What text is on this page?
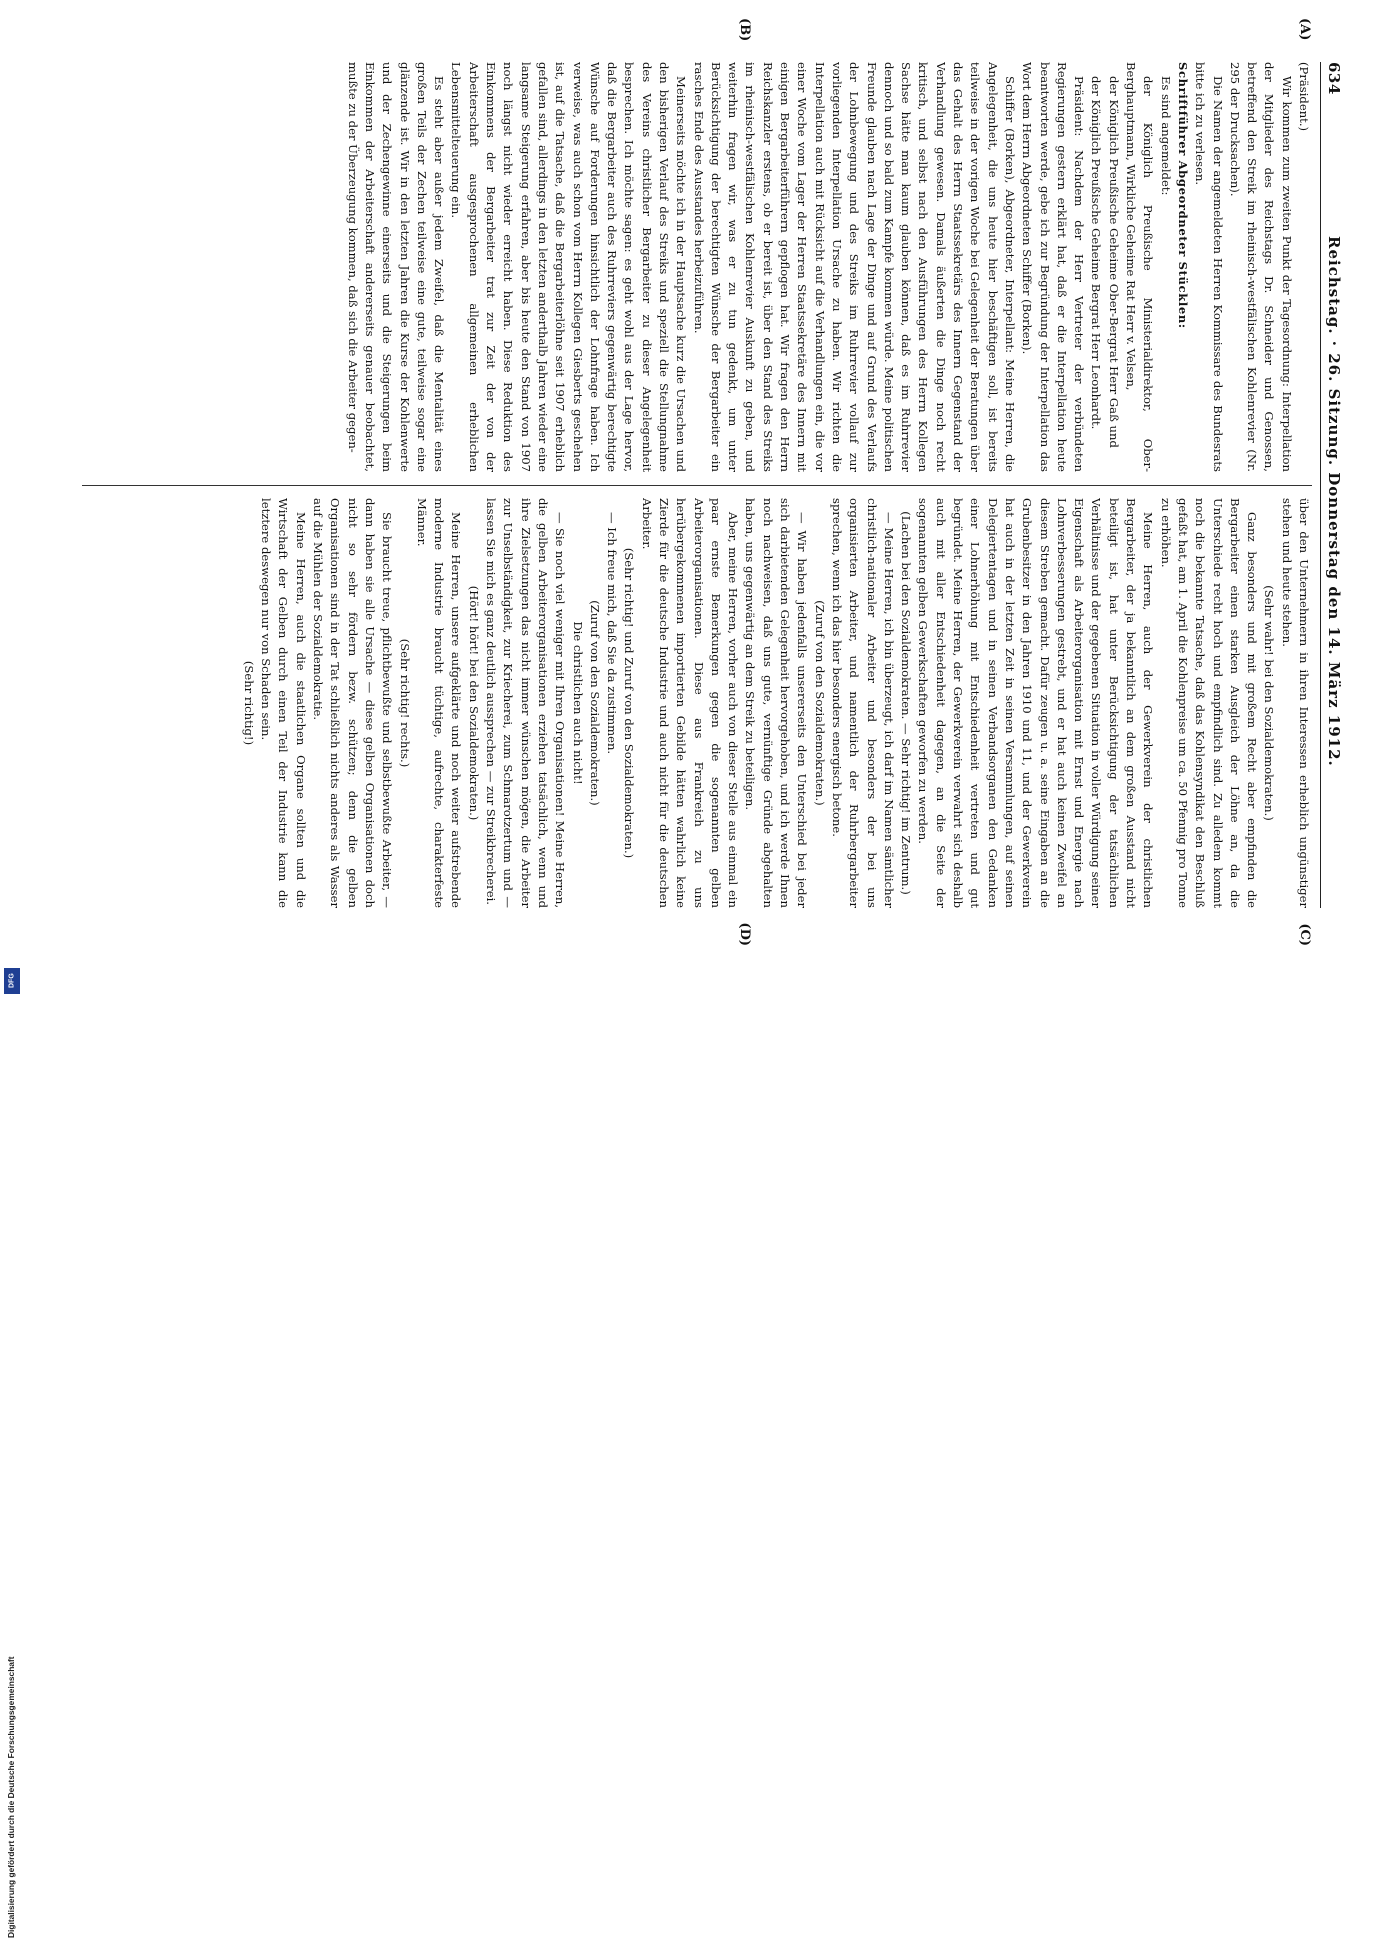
634
Reichstag. · 26. Sitzung. Donnerstag den 14. März 1912.
(A)
(B)
(C)
(D)

(Präsident.)

Wir kommen zum zweiten Punkt der Tagesordnung: Interpellation der Mitglieder des Reichstags Dr. Schneider und Genossen, betreffend den Streik im rheinisch-westfälischen Kohlenrevier (Nr. 295 der Drucksachen).

Die Namen der angemeldeten Herren Kommissare des Bundesrats bitte ich zu verlesen.

Schriftführer Abgeordneter Stücklen:

Es sind angemeldet:

der Königlich Preußische Ministerialdirektor, Ober-Berghauptmann, Wirkliche Geheime Rat Herr v. Velsen,

der Königlich Preußische Geheime Ober-Bergrat Herr Gaß und

der Königlich Preußische Geheime Bergrat Herr Leonhardt.

Präsident: Nachdem der Herr Vertreter der verbündeten Regierungen gestern erklärt hat, daß er die Interpellation heute beantworten werde, gebe ich zur Begründung der Interpellation das Wort dem Herrn Abgeordneten Schiffer (Borken).

Schiffer (Borken), Abgeordneter, Interpellant: Meine Herren, die Angelegenheit, die uns heute hier beschäftigen soll, ist bereits teilweise in der vorigen Woche bei Gelegenheit der Beratungen über das Gehalt des Herrn Staatssekretärs des Innern Gegenstand der Verhandlung gewesen. Damals äußerten die Dinge noch recht kritisch, und selbst nach den Ausführungen des Herrn Kollegen Sachse hätte man kaum glauben können, daß es im Ruhrrevier dennoch und so bald zum Kampfe kommen würde. Meine politischen Freunde glauben nach Lage der Dinge und auf Grund des Verlaufs der Lohnbewegung und des Streiks im Ruhrrevier vollauf zur vorliegenden Interpellation Ursache zu haben. Wir richten die Interpellation auch mit Rücksicht auf die Verhandlungen ein, die vor einer Woche vom Lager der Herren Staatssekretäre des Innern mit einigen Bergarbeiterführern gepflogen hat. Wir fragen den Herrn Reichskanzler erstens, ob er bereit ist, über den Stand des Streiks im rheinisch-westfälischen Kohlenrevier Auskunft zu geben, und weiterhin fragen wir, was er zu tun gedenkt, um unter Berücksichtigung der berechtigten Wünsche der Bergarbeiter ein rasches Ende des Ausstandes herbeizuführen.

Meinerseits möchte ich in der Hauptsache kurz die Ursachen und den bisherigen Verlauf des Streiks und speziell die Stellungnahme des Vereins christlicher Bergarbeiter zu dieser Angelegenheit besprechen. Ich möchte sagen: es geht wohl aus der Lage hervor, daß die Bergarbeiter auch des Ruhrreviers gegenwärtig berechtigte Wünsche auf Forderungen hinsichtlich der Lohnfrage haben. Ich verweise, was auch schon vom Herrn Kollegen Giesberts geschehen ist, auf die Tatsache, daß die Bergarbeiterlöhne seit 1907 erheblich gefallen sind, allerdings in den letzten anderthalb Jahren wieder eine langsame Steigerung erfahren, aber bis heute den Stand von 1907 noch längst nicht wieder erreicht haben. Diese Reduktion des Einkommens der Bergarbeiter trat zur Zeit der von der Arbeiterschaft ausgesprochenen allgemeinen erheblichen Lebensmittelteuerung ein.

Es steht aber außer jedem Zweifel, daß die Mentalität eines großen Teils der Zechen teilweise eine gute, teilweise sogar eine glänzende ist. Wir in den letzten Jahren die Kurse der Kohlenwerte und der Zechengewinne einerseits und die Steigerungen beim Einkommen der Arbeiterschaft andererseits genauer beobachtet, mußte zu der Überzeugung kommen, daß sich die Arbeiter gegen-

über den Unternehmern in ihren Interessen erheblich ungünstiger stehen und heute stehen.

(Sehr wahr! bei den Sozialdemokraten.)

Ganz besonders und mit großem Recht aber empfinden die Bergarbeiter einen starken Ausgleich der Löhne an, da die Unterschiede recht hoch und empfindlich sind. Zu alledem kommt noch die bekannte Tatsache, daß das Kohlensyndikat den Beschluß gefaßt hat, am 1. April die Kohlenpreise um ca. 50 Pfennig pro Tonne zu erhöhen.

Meine Herren, auch der Gewerkverein der christlichen Bergarbeiter, der ja bekanntlich an dem großen Ausstand nicht beteiligt ist, hat unter Berücksichtigung der tatsächlichen Verhältnisse und der gegebenen Situation in voller Würdigung seiner Eigenschaft als Arbeiterorganisation mit Ernst und Energie nach Lohnverbesserungen gestrebt, und er hat auch keinen Zweifel an diesem Streben gemacht. Dafür zeugen u. a. seine Eingaben an die Grubenbesitzer in den Jahren 1910 und 11, und der Gewerkverein hat auch in der letzten Zeit in seinen Versammlungen, auf seinen Delegiertentagen und in seinen Verbandsorganen den Gedanken einer Lohnerhöhung mit Entschiedenheit vertreten und gut begründet. Meine Herren, der Gewerkverein verwahrt sich deshalb auch mit aller Entschiedenheit dagegen, an die Seite der sogenannten gelben Gewerkschaften geworfen zu werden.

(Lachen bei den Sozialdemokraten. — Sehr richtig! im Zentrum.)

— Meine Herren, ich bin überzeugt, ich darf im Namen sämtlicher christlich-nationaler Arbeiter und besonders der bei uns organisierten Arbeiter, und namentlich der Ruhrbergarbeiter sprechen, wenn ich das hier besonders energisch betone.

(Zuruf von den Sozialdemokraten.)

— Wir haben jedenfalls unsererseits den Unterschied bei jeder sich darbietenden Gelegenheit hervorgehoben, und ich werde Ihnen noch nachweisen, daß uns gute, vernünftige Gründe abgehalten haben, uns gegenwärtig an dem Streik zu beteiligen.

Aber, meine Herren, vorher auch von dieser Stelle aus einmal ein paar ernste Bemerkungen gegen die sogenannten gelben Arbeiterorganisationen. Diese aus Frankreich zu uns herübergekommenen importierten Gebilde hätten wahrlich keine Zierde für die deutsche Industrie und auch nicht für die deutschen Arbeiter.

(Sehr richtig! und Zuruf von den Sozialdemokraten.)

— Ich freue mich, daß Sie da zustimmen.

(Zuruf von den Sozialdemokraten.)

Die christlichen auch nicht!

— Sie noch viel weniger mit Ihren Organisationen! Meine Herren, die gelben Arbeiterorganisationen erziehen tatsächlich, wenn und ihre Zielsetzungen das nicht immer wünschen mögen, die Arbeiter zur Unselbständigkeit, zur Kriecherei, zum Schmarotzertum und — lassen Sie mich es ganz deutlich aussprechen — zur Streikbrecherei.

(Hört! hört! bei den Sozialdemokraten.)

Meine Herren, unsere aufgeklärte und noch weiter aufstrebende moderne Industrie braucht tüchtige, aufrechte, charakterfeste Männer.

(Sehr richtig! rechts.)

Sie braucht treue, pflichtbewußte und selbstbewußte Arbeiter, — dann haben sie alle Ursache — diese gelben Organisationen doch nicht so sehr fördern bezw. schützen; denn die gelben Organisationen sind in der Tat schließlich nichts anderes als Wasser auf die Mühlen der Sozialdemokratie.

Meine Herren, auch die staatlichen Organe sollten und die Wirtschaft der Gelben durch einen Teil der Industrie kann die letztere deswegen nur von Schaden sein.

(Sehr richtig!)

Digitalisierung gefördert durch die Deutsche Forschungsgemeinschaft
DFG
